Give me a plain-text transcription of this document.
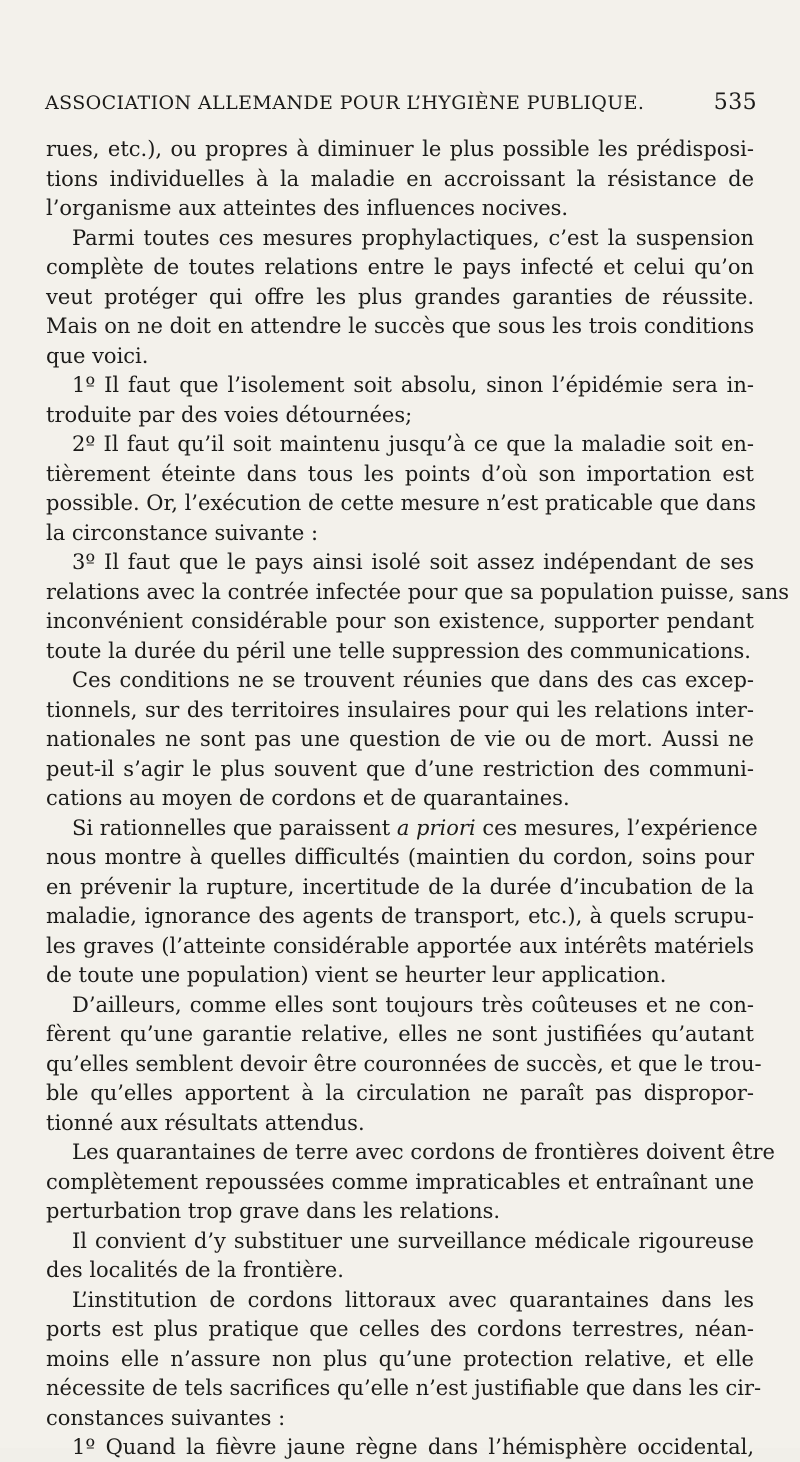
ASSOCIATION ALLEMANDE POUR L’HYGIÈNE PUBLIQUE.	535
rues, etc.), ou propres à diminuer le plus possible les prédisposi-
tions individuelles à la maladie en accroissant la résistance de
l’organisme aux atteintes des influences nocives.
Parmi toutes ces mesures prophylactiques, c’est la suspension
complète de toutes relations entre le pays infecté et celui qu’on
veut protéger qui offre les plus grandes garanties de réussite.
Mais on ne doit en attendre le succès que sous les trois conditions
que voici.
1º Il faut que l’isolement soit absolu, sinon l’épidémie sera in-
troduite par des voies détournées;
2º Il faut qu’il soit maintenu jusqu’à ce que la maladie soit en-
tièrement éteinte dans tous les points d’où son importation est
possible. Or, l’exécution de cette mesure n’est praticable que dans
la circonstance suivante :
3º Il faut que le pays ainsi isolé soit assez indépendant de ses
relations avec la contrée infectée pour que sa population puisse, sans
inconvénient considérable pour son existence, supporter pendant
toute la durée du péril une telle suppression des communications.
Ces conditions ne se trouvent réunies que dans des cas excep-
tionnels, sur des territoires insulaires pour qui les relations inter-
nationales ne sont pas une question de vie ou de mort. Aussi ne
peut-il s’agir le plus souvent que d’une restriction des communi-
cations au moyen de cordons et de quarantaines.
Si rationnelles que paraissent a priori ces mesures, l’expérience
nous montre à quelles difficultés (maintien du cordon, soins pour
en prévenir la rupture, incertitude de la durée d’incubation de la
maladie, ignorance des agents de transport, etc.), à quels scrupu-
les graves (l’atteinte considérable apportée aux intérêts matériels
de toute une population) vient se heurter leur application.
D’ailleurs, comme elles sont toujours très coûteuses et ne con-
fèrent qu’une garantie relative, elles ne sont justifiées qu’autant
qu’elles semblent devoir être couronnées de succès, et que le trou-
ble qu’elles apportent à la circulation ne paraît pas dispropor-
tionné aux résultats attendus.
Les quarantaines de terre avec cordons de frontières doivent être
complètement repoussées comme impraticables et entraînant une
perturbation trop grave dans les relations.
Il convient d’y substituer une surveillance médicale rigoureuse
des localités de la frontière.
L’institution de cordons littoraux avec quarantaines dans les
ports est plus pratique que celles des cordons terrestres, néan-
moins elle n’assure non plus qu’une protection relative, et elle
nécessite de tels sacrifices qu’elle n’est justifiable que dans les cir-
constances suivantes :
1º Quand la fièvre jaune règne dans l’hémisphère occidental,
